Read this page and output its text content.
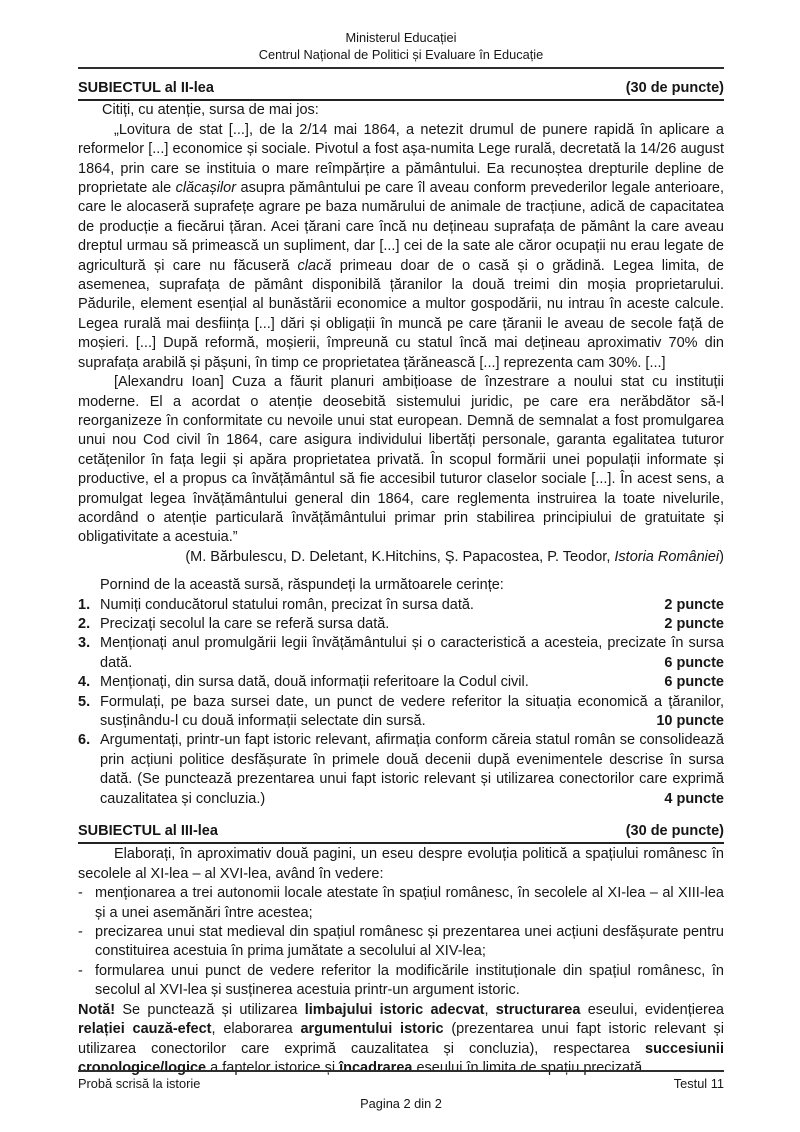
Ministerul Educației
Centrul Național de Politici și Evaluare în Educație
SUBIECTUL al II-lea	(30 de puncte)

Citiți, cu atenție, sursa de mai jos:

„Lovitura de stat [...], de la 2/14 mai 1864, a netezit drumul de punere rapidă în aplicare a reformelor [...] economice și sociale. Pivotul a fost așa-numita Lege rurală, decretată la 14/26 august 1864, prin care se instituia o mare reîmpărțire a pământului. Ea recunoștea drepturile depline de proprietate ale clăcașilor asupra pământului pe care îl aveau conform prevederilor legale anterioare, care le alocaseră suprafețe agrare pe baza numărului de animale de tracțiune, adică de capacitatea de producție a fiecărui țăran. Acei țărani care încă nu dețineau suprafața de pământ la care aveau dreptul urmau să primească un supliment, dar [...] cei de la sate ale căror ocupații nu erau legate de agricultură și care nu făcuseră clacă primeau doar de o casă și o grădină. Legea limita, de asemenea, suprafața de pământ disponibilă țăranilor la două treimi din moșia proprietarului. Pădurile, element esențial al bunăstării economice a multor gospodării, nu intrau în aceste calcule. Legea rurală mai desființa [...] dări și obligații în muncă pe care țăranii le aveau de secole față de moșieri. [...] După reformă, moșierii, împreună cu statul încă mai dețineau aproximativ 70% din suprafața arabilă și pășuni, în timp ce proprietatea țărănească [...] reprezenta cam 30%. [...]

[Alexandru Ioan] Cuza a făurit planuri ambițioase de înzestrare a noului stat cu instituții moderne. El a acordat o atenție deosebită sistemului juridic, pe care era nerăbdător să-l reorganizeze în conformitate cu nevoile unui stat european. Demnă de semnalat a fost promulgarea unui nou Cod civil în 1864, care asigura individului libertăți personale, garanta egalitatea tuturor cetățenilor în fața legii și apăra proprietatea privată. În scopul formării unei populații informate și productive, el a propus ca învățământul să fie accesibil tuturor claselor sociale [...]. În acest sens, a promulgat legea învățământului general din 1864, care reglementa instruirea la toate nivelurile, acordând o atenție particulară învățământului primar prin stabilirea principiului de gratuitate și obligativitate a acestuia.”

(M. Bărbulescu, D. Deletant, K.Hitchins, Ș. Papacostea, P. Teodor, Istoria României)

Pornind de la această sursă, răspundeți la următoarele cerințe:

1. Numiți conducătorul statului român, precizat în sursa dată.	2 puncte
2. Precizați secolul la care se referă sursa dată.	2 puncte
3. Menționați anul promulgării legii învățământului și o caracteristică a acesteia, precizate în sursa dată.	6 puncte
4. Menționați, din sursa dată, două informații referitoare la Codul civil.	6 puncte
5. Formulați, pe baza sursei date, un punct de vedere referitor la situația economică a țăranilor, susținându-l cu două informații selectate din sursă.	10 puncte
6. Argumentați, printr-un fapt istoric relevant, afirmația conform căreia statul român se consolidează prin acțiuni politice desfășurate în primele două decenii după evenimentele descrise în sursa dată. (Se punctează prezentarea unui fapt istoric relevant și utilizarea conectorilor care exprimă cauzalitatea și concluzia.)	4 puncte
SUBIECTUL al III-lea	(30 de puncte)

Elaborați, în aproximativ două pagini, un eseu despre evoluția politică a spațiului românesc în secolele al XI-lea – al XVI-lea, având în vedere:

- menționarea a trei autonomii locale atestate în spațiul românesc, în secolele al XI-lea – al XIII-lea și a unei asemănări între acestea;
- precizarea unui stat medieval din spațiul românesc și prezentarea unei acțiuni desfășurate pentru constituirea acestuia în prima jumătate a secolului al XIV-lea;
- formularea unui punct de vedere referitor la modificările instituționale din spațiul românesc, în secolul al XVI-lea și susținerea acestuia printr-un argument istoric.

Notă! Se punctează și utilizarea limbajului istoric adecvat, structurarea eseului, evidențierea relației cauză-efect, elaborarea argumentului istoric (prezentarea unui fapt istoric relevant și utilizarea conectorilor care exprimă cauzalitatea și concluzia), respectarea succesiunii cronologice/logice a faptelor istorice și încadrarea eseului în limita de spațiu precizată.

Probă scrisă la istorie	Testul 11
Pagina 2 din 2
